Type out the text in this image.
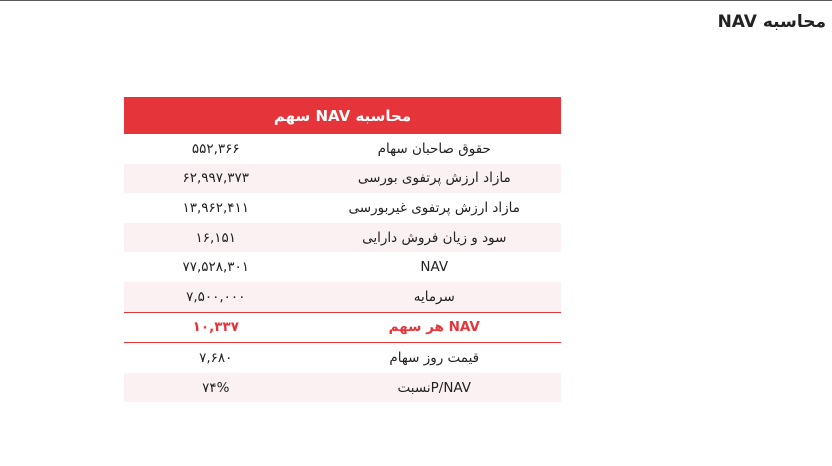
محاسبه NAV
محاسبه NAV سهم	
حقوق صاحبان سهام	۵۵۲,۳۶۶
مازاد ارزش پرتفوی بورسی	۶۲,۹۹۷,۳۷۳
مازاد ارزش پرتفوی غیربورسی	۱۳,۹۶۲,۴۱۱
سود و زیان فروش دارایی	۱۶,۱۵۱
NAV	۷۷,۵۲۸,۳۰۱
سرمایه	۷,۵۰۰,۰۰۰
NAV هر سهم	۱۰,۳۳۷
قیمت روز سهام	۷,۶۸۰
P/NAVنسبت	۷۴%
